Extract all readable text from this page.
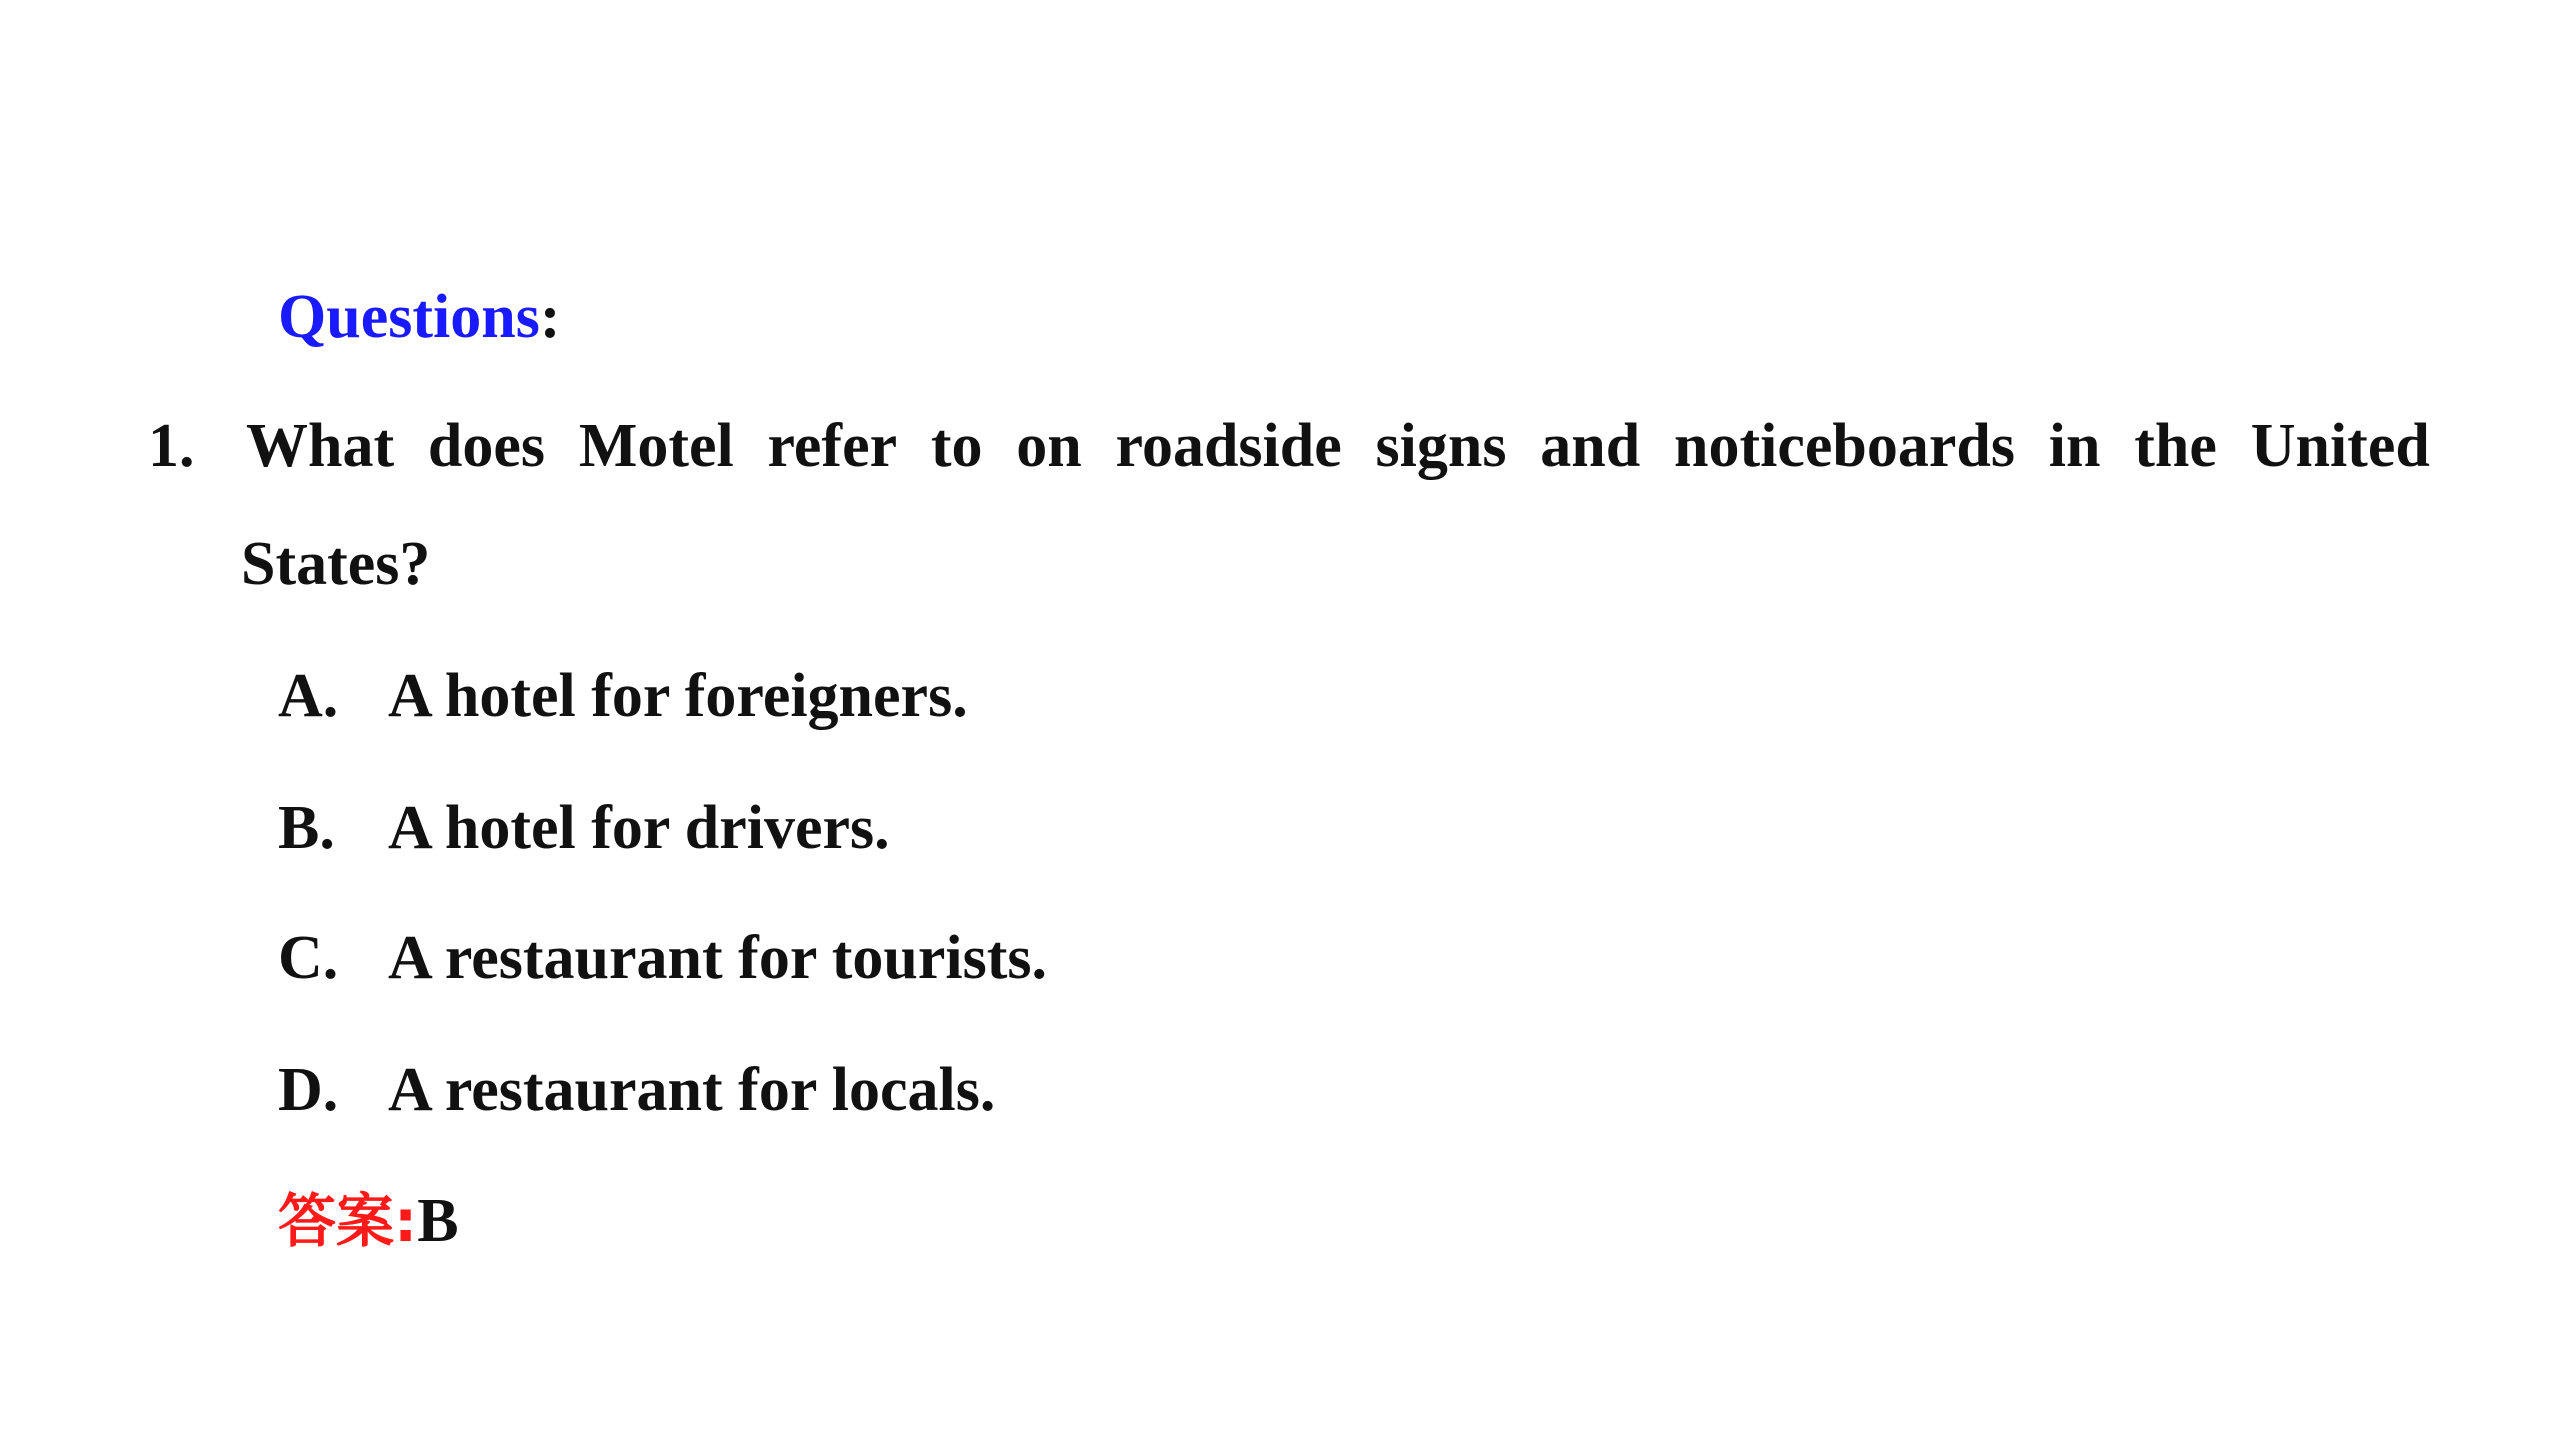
Questions:
1. What does Motel refer to on roadside signs and noticeboards in the United
States?
A. A hotel for foreigners.
B. A hotel for drivers.
C. A restaurant for tourists.
D. A restaurant for locals.
答案:B
